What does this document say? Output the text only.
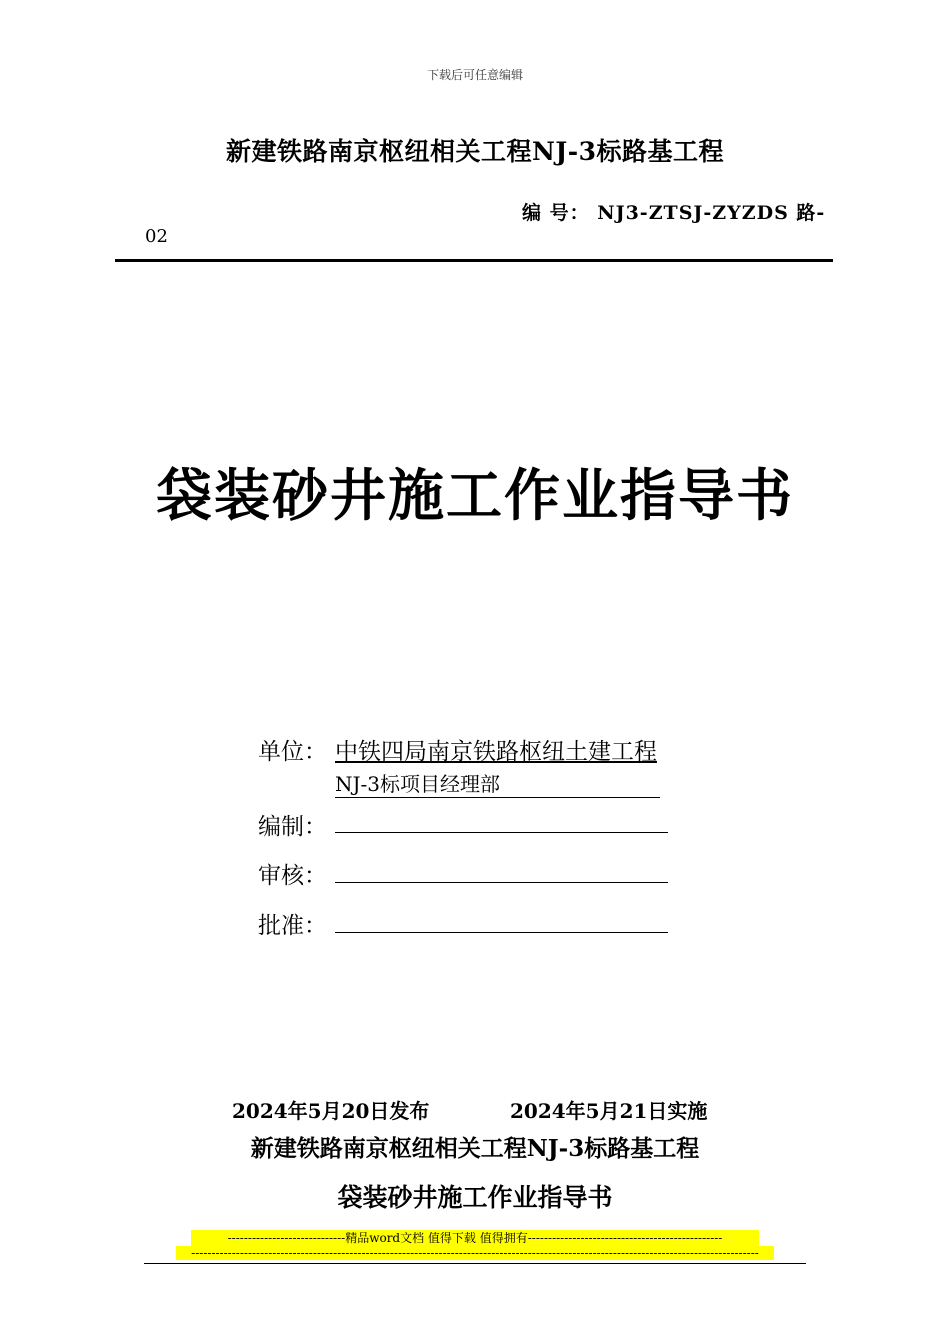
下载后可任意编辑
新建铁路南京枢纽相关工程NJ-3标路基工程
编 号： NJ3-ZTSJ-ZYZDS 路-
02
袋装砂井施工作业指导书
单位： 中铁四局南京铁路枢纽土建工程
NJ-3标项目经理部
编制：
审核：
批准：
2024年5月20日发布	2024年5月21日实施
新建铁路南京枢纽相关工程NJ-3标路基工程
袋装砂井施工作业指导书
-----------------------------精品word文档 值得下载 值得拥有------------------------------------------------
--------------------------------------------------------------------------------------------------------------------------------------------
